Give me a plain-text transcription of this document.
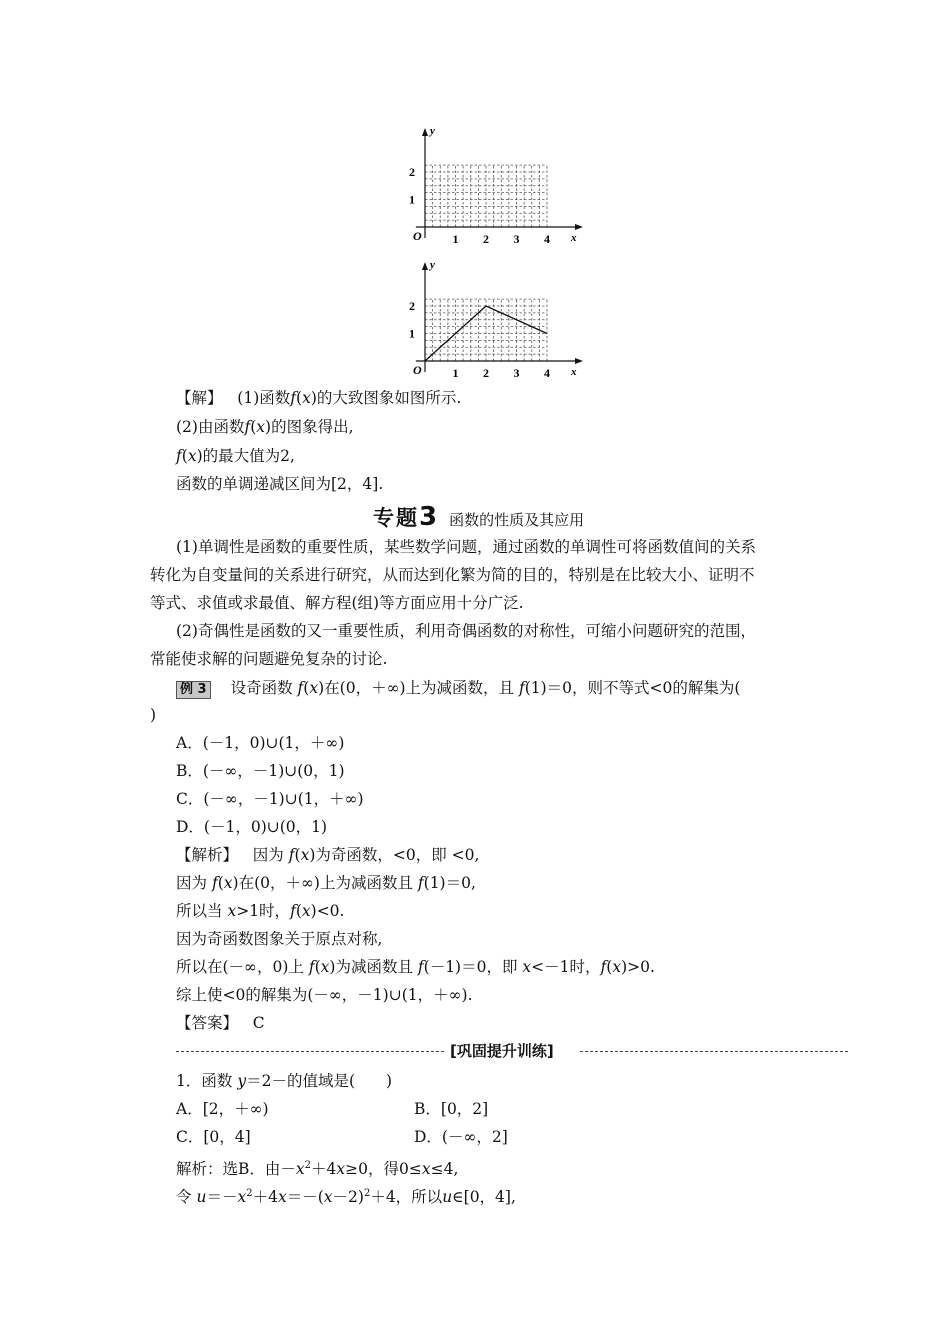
x
y
O	1 2 3 4
1
2
x
y
O	1 2 3 4
1
2
【解】 (1)函数f(x)的大致图象如图所示.
(2)由函数f(x)的图象得出,
f(x)的最大值为2,
函数的单调递减区间为[2，4].
专题3 函数的性质及其应用
(1)单调性是函数的重要性质，某些数学问题，通过函数的单调性可将函数值间的关系
转化为自变量间的关系进行研究，从而达到化繁为简的目的，特别是在比较大小、证明不
等式、求值或求最值、解方程(组)等方面应用十分广泛.
(2)奇偶性是函数的又一重要性质，利用奇偶函数的对称性，可缩小问题研究的范围，
常能使求解的问题避免复杂的讨论.
例 3 设奇函数 f(x)在(0，＋∞)上为减函数，且 f(1)＝0，则不等式<0的解集为(
)
A．(－1，0)∪(1，＋∞)
B．(－∞，－1)∪(0，1)
C．(－∞，－1)∪(1，＋∞)
D．(－1，0)∪(0，1)
【解析】 因为 f(x)为奇函数，<0，即 <0,
因为 f(x)在(0，＋∞)上为减函数且 f(1)＝0,
所以当 x>1时，f(x)<0.
因为奇函数图象关于原点对称,
所以在(－∞，0)上 f(x)为减函数且 f(－1)＝0，即 x<－1时，f(x)>0.
综上使<0的解集为(－∞，－1)∪(1，＋∞).
【答案】 C
[巩固提升训练]
1．函数 y＝2－的值域是(　　)
A．[2，＋∞)	B．[0，2]
C．[0，4]	D．(－∞，2]
解析：选B．由$-x^2+4x\ge 0$，得0≤x≤4,
令 $u=-x^2+4x=-(x-2)^2+4$，所以u∈[0，4],
